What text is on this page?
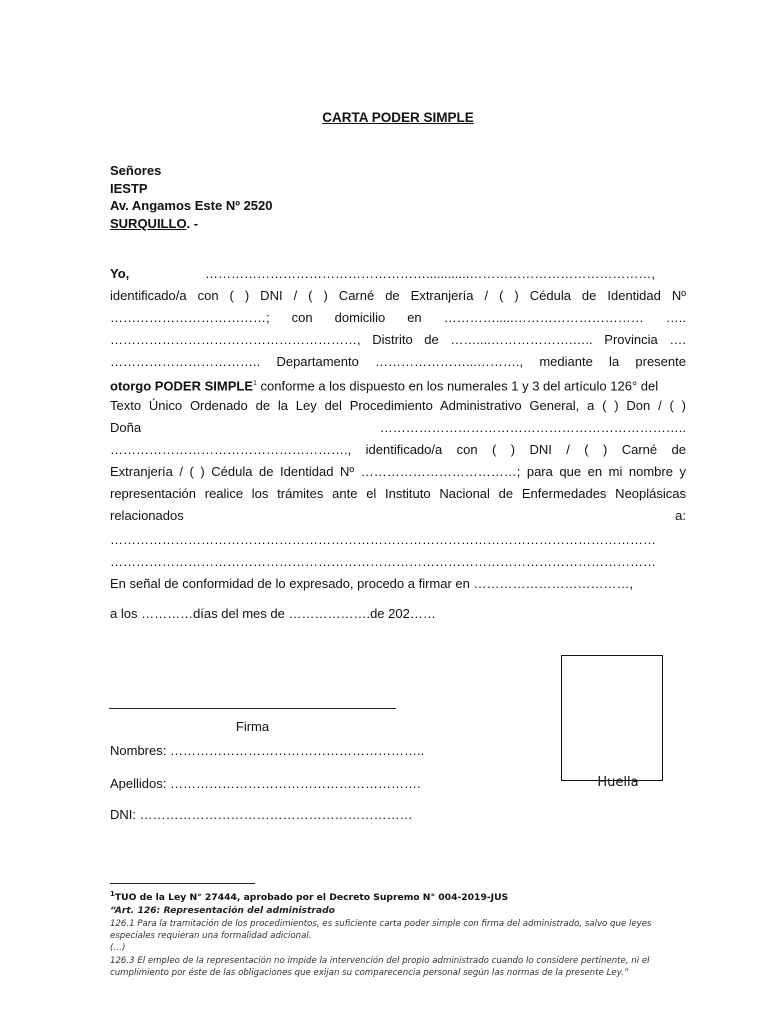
CARTA PODER SIMPLE
Señores
IESTP
Av. Angamos Este Nº 2520
SURQUILLO. -
Yo,	……………………………………………............……………………………………,
identificado/a con ( ) DNI / ( ) Carné de Extranjería / ( ) Cédula de Identidad Nº
………………………………; con domicilio en ………….....………………………… …..
…………………………………………………, Distrito de ……....……………….….. Provincia ….
…………………………….. Departamento …………………...………., mediante la presente
otorgo PODER SIMPLE$^1$ conforme a los dispuesto en los numerales 1 y 3 del artículo 126° del
Texto Único Ordenado de la Ley del Procedimiento Administrativo General, a ( ) Don / ( )
Doña	……………………………………………………………..
………………………………………………., identificado/a con ( ) DNI / ( ) Carné de
Extranjería / ( ) Cédula de Identidad Nº ………………………………; para que en mi nombre y
representación realice los trámites ante el Instituto Nacional de Enfermedades Neoplásicas
relacionados	a:
………………………………………………………………………………………………………………
………………………………………………………………………………………………………………
En señal de conformidad de lo expresado, procedo a firmar en ………………………………,
a los …………días del mes de ……………….de 202……
Firma
Nombres: …………………………………………………..
Apellidos: ………………………………………………….
DNI: ………………………………………………………
Huella
$^1$TUO de la Ley N° 27444, aprobado por el Decreto Supremo N° 004-2019-JUS
“Art. 126: Representación del administrado
126.1 Para la tramitación de los procedimientos, es suficiente carta poder simple con firma del administrado, salvo que leyes especiales requieran una formalidad adicional.
(…)
126.3 El empleo de la representación no impide la intervención del propio administrado cuando lo considere pertinente, ni el cumplimiento por éste de las obligaciones que exijan su comparecencia personal según las normas de la presente Ley.”
